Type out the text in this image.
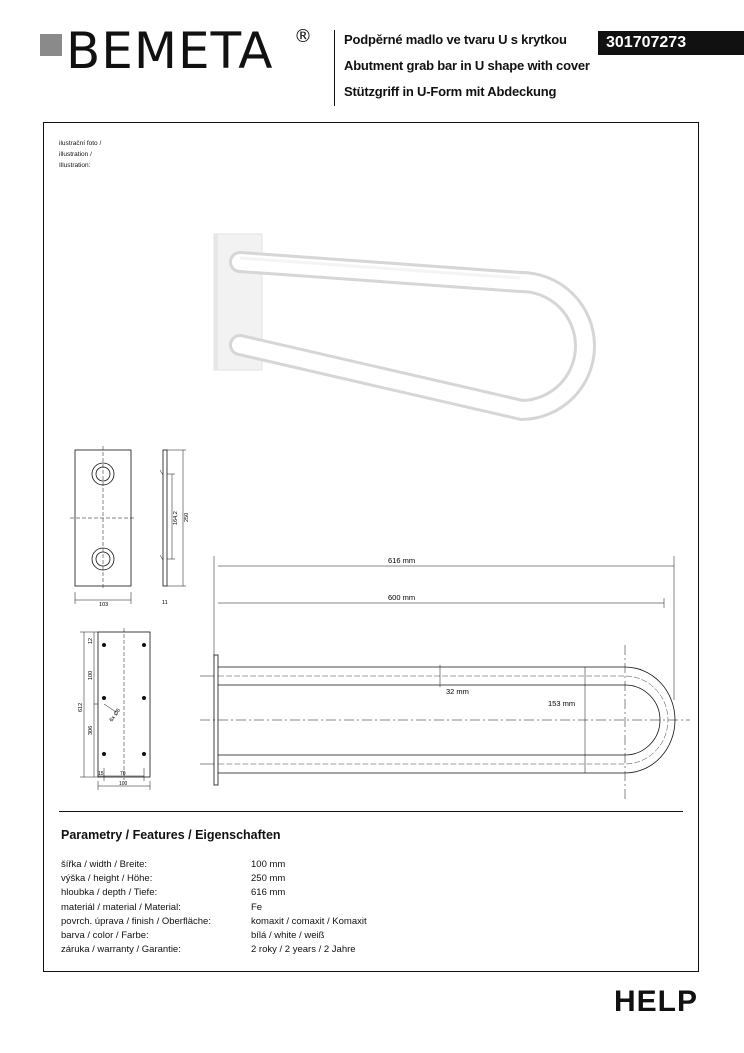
BEMETA ® Podpěrné madlo ve tvaru U s krytkou
Abutment grab bar in U shape with cover
Stützgriff in U-Form mit Abdeckung
301707273
ilustrační foto /
illustration /
Illustration:
103
164,2 250
11
612
12
100
306
6x Ø6
15	70
100
616 mm
600 mm
32 mm
153 mm
Parametry / Features / Eigenschaften
šířka / width / Breite:	100 mm
výška / height / Höhe:	250 mm
hloubka / depth / Tiefe:	616 mm
materiál / material / Material:	Fe
povrch. úprava / finish / Oberfläche:	komaxit / comaxit / Komaxit
barva / color / Farbe:	bílá / white / weiß
záruka / warranty / Garantie:	2 roky / 2 years / 2 Jahre
HELP
